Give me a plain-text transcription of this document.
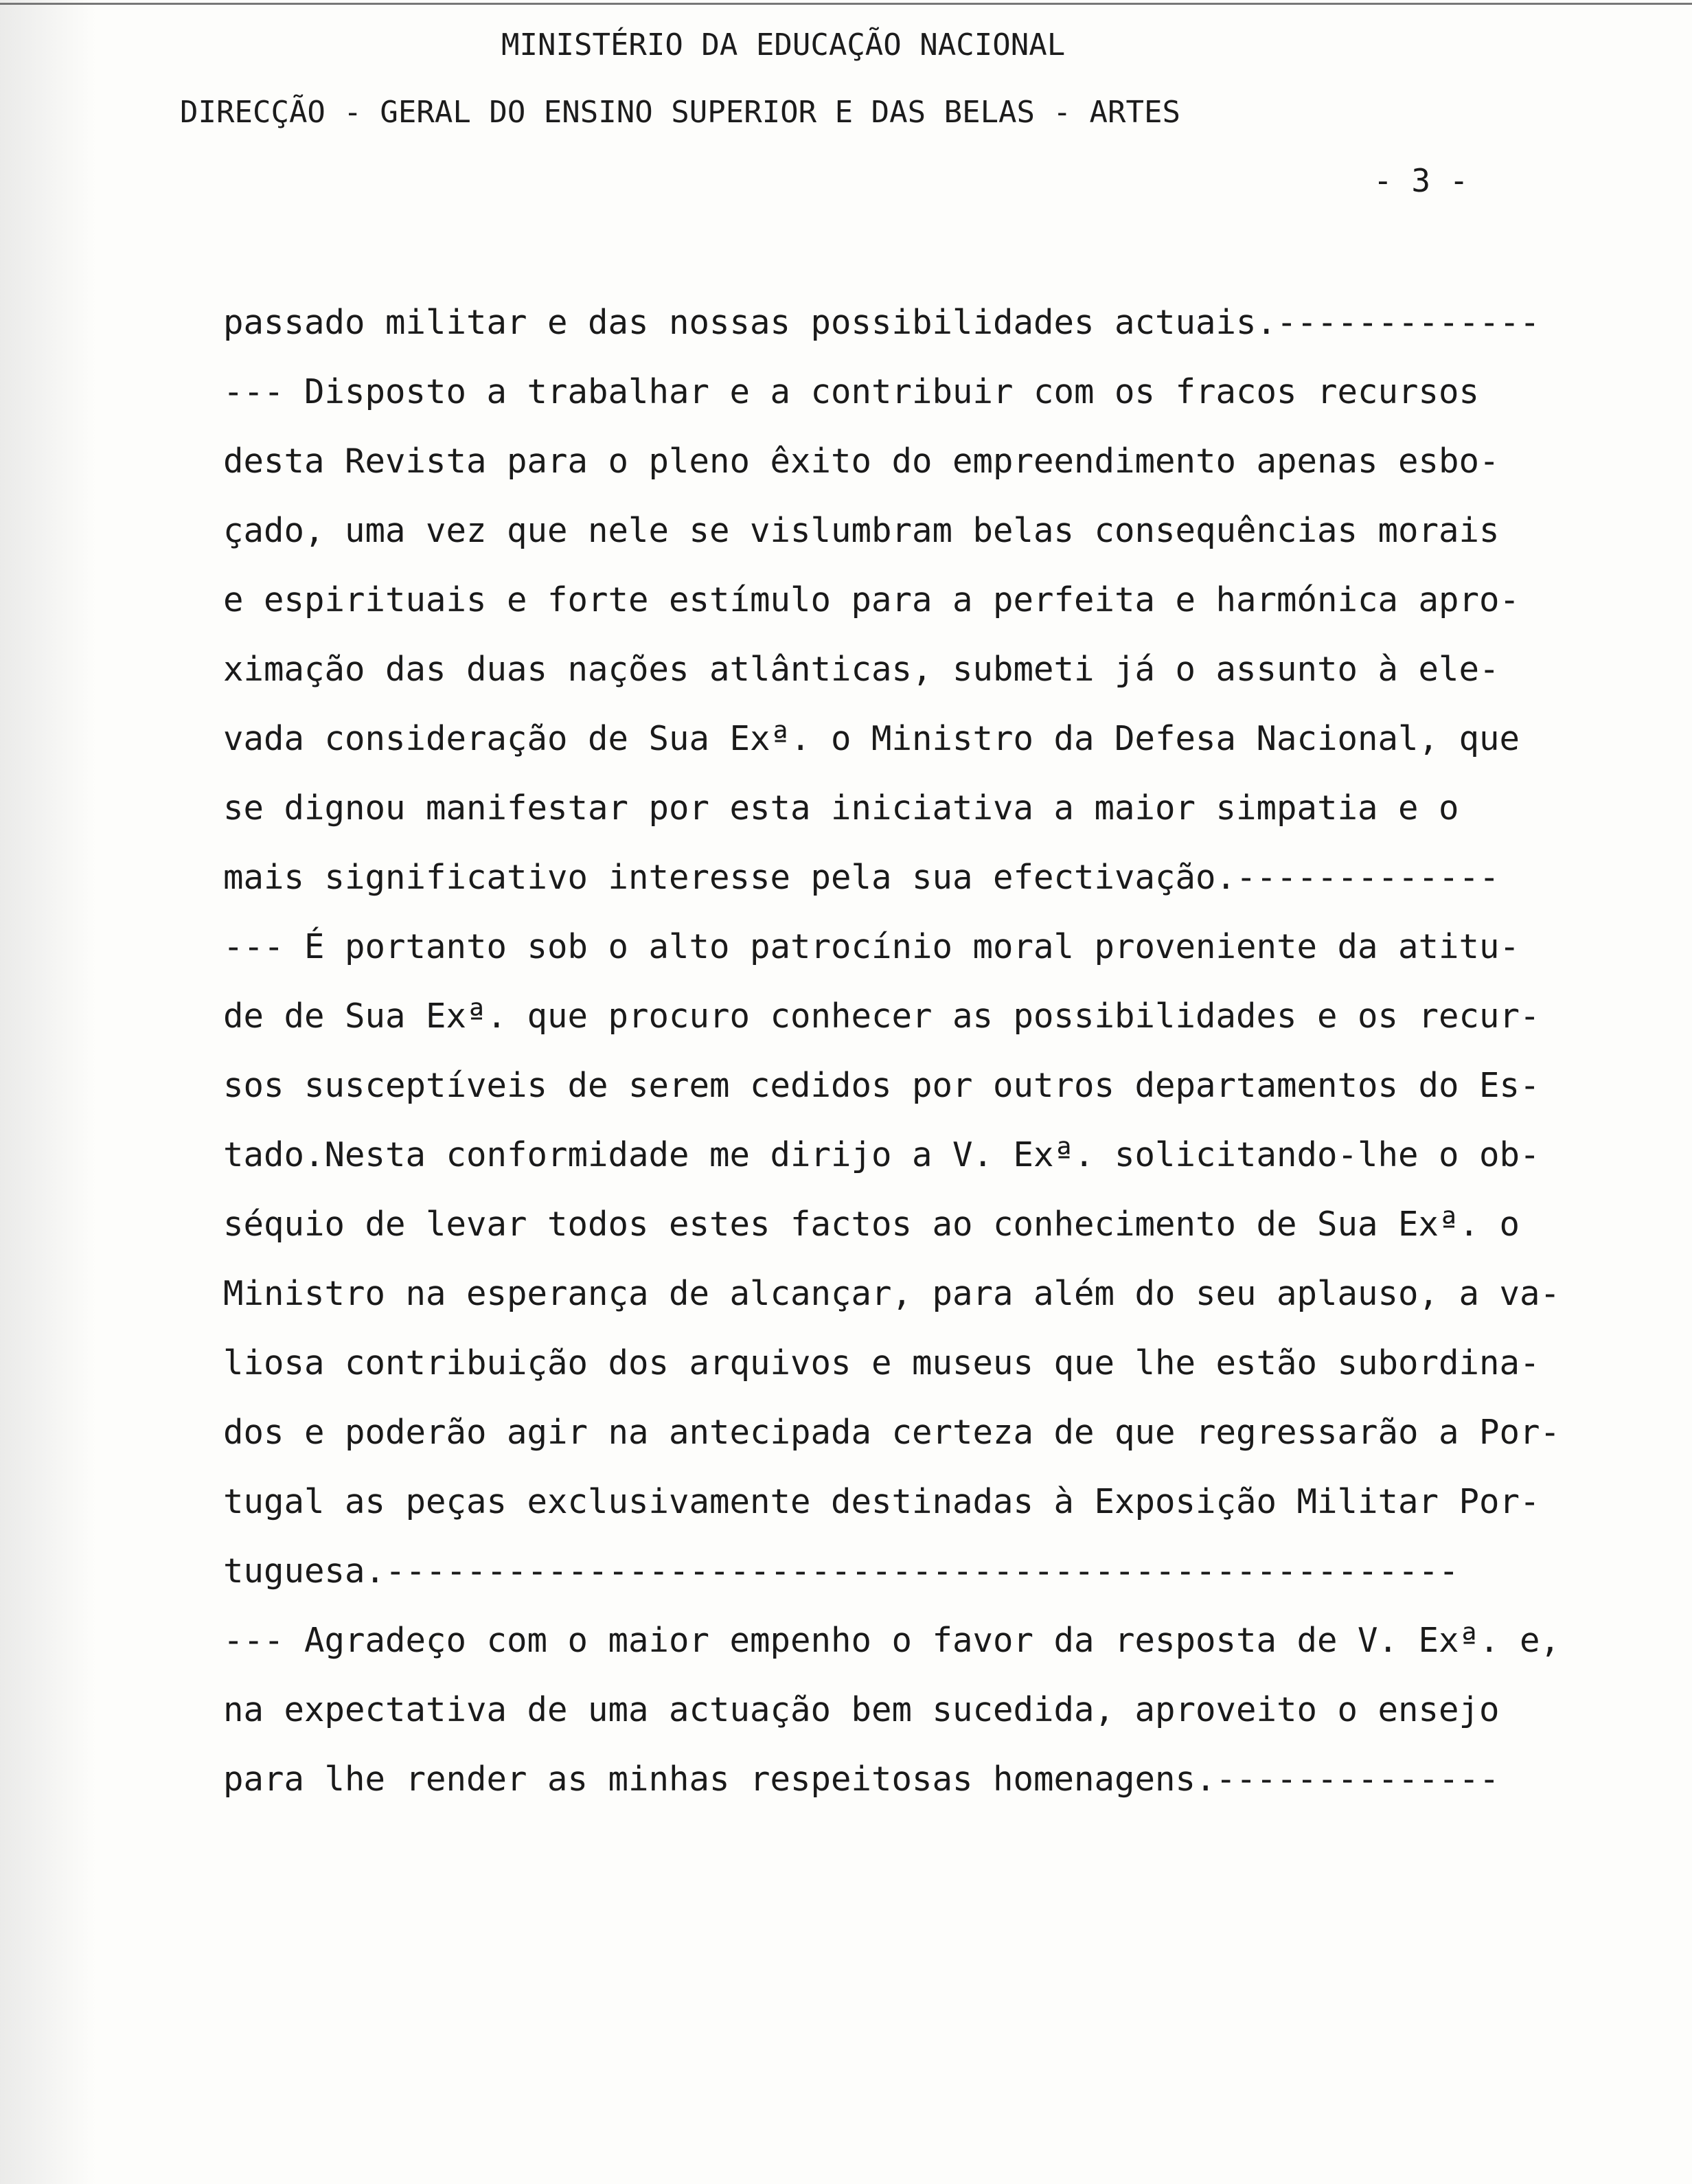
MINISTÉRIO DA EDUCAÇÃO NACIONAL
DIRECÇÃO - GERAL DO ENSINO SUPERIOR E DAS BELAS - ARTES
- 3 -
passado militar e das nossas possibilidades actuais.-------------
--- Disposto a trabalhar e a contribuir com os fracos recursos
desta Revista para o pleno êxito do empreendimento apenas esbo-
çado, uma vez que nele se vislumbram belas consequências morais
e espirituais e forte estímulo para a perfeita e harmónica apro-
ximação das duas nações atlânticas, submeti já o assunto à ele-
vada consideração de Sua Exª. o Ministro da Defesa Nacional, que
se dignou manifestar por esta iniciativa a maior simpatia e o
mais significativo interesse pela sua efectivação.-------------
--- É portanto sob o alto patrocínio moral proveniente da atitu-
de de Sua Exª. que procuro conhecer as possibilidades e os recur-
sos susceptíveis de serem cedidos por outros departamentos do Es-
tado.Nesta conformidade me dirijo a V. Exª. solicitando-lhe o ob-
séquio de levar todos estes factos ao conhecimento de Sua Exª. o
Ministro na esperança de alcançar, para além do seu aplauso, a va-
liosa contribuição dos arquivos e museus que lhe estão subordina-
dos e poderão agir na antecipada certeza de que regressarão a Por-
tugal as peças exclusivamente destinadas à Exposição Militar Por-
tuguesa.-----------------------------------------------------
--- Agradeço com o maior empenho o favor da resposta de V. Exª. e,
na expectativa de uma actuação bem sucedida, aproveito o ensejo
para lhe render as minhas respeitosas homenagens.--------------
